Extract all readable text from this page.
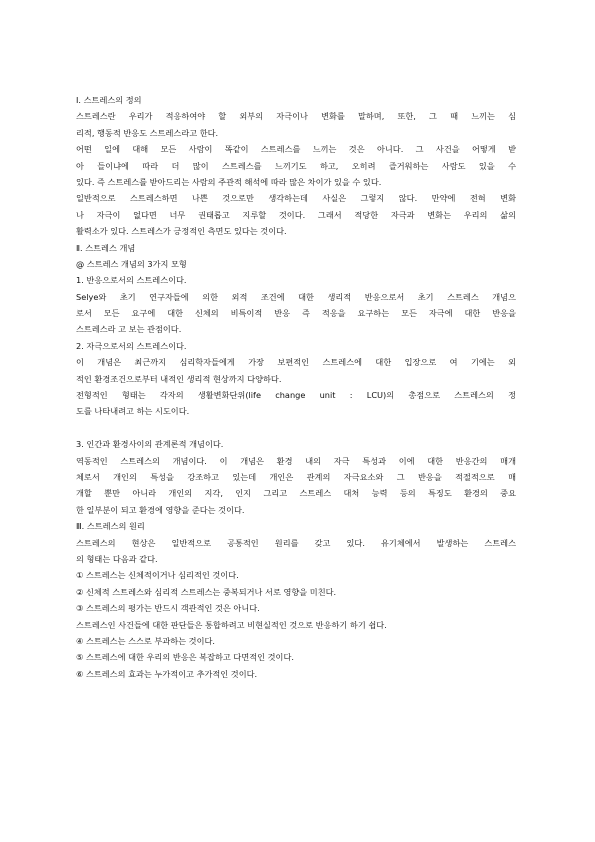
Ⅰ. 스트레스의 정의
스트레스란 우리가 적응하여야 할 외부의 자극이나 변화를 말하며, 또한, 그 때 느끼는 심
리적, 행동적 반응도 스트레스라고 한다.
어떤 일에 대해 모든 사람이 똑같이 스트레스를 느끼는 것은 아니다. 그 사건을 어떻게 받
아 들이냐에 따라 더 많이 스트레스를 느끼기도 하고, 오히려 즐거워하는 사람도 있을 수
있다. 즉 스트레스를 받아드리는 사람의 주관적 해석에 따라 많은 차이가 있을 수 있다.
일반적으로 스트레스하면 나쁜 것으로만 생각하는데 사실은 그렇지 않다. 만약에 전혀 변화
나 자극이 없다면 너무 권태롭고 지루할 것이다. 그래서 적당한 자극과 변화는 우리의 삶의
활력소가 있다. 스트레스가 긍정적인 측면도 있다는 것이다.
Ⅱ. 스트레스 개념
@ 스트레스 개념의 3가지 모형
1. 반응으로서의 스트레스이다.
Selye와 초기 연구자들에 의한 외적 조건에 대한 생리적 반응으로서 초기 스트레스 개념으
로서 모든 요구에 대한 신체의 비특이적 반응 즉 적응을 요구하는 모든 자극에 대한 반응을
스트레스라 고 보는 관점이다.
2. 자극으로서의 스트레스이다.
이 개념은 최근까지 심리학자들에게 가장 보편적인 스트레스에 대한 입장으로 여 기에는 외
적인 환경조건으로부터 내적인 생리적 현상까지 다양하다.
전형적인 형태는 각자의 생활변화단위(life change unit : LCU)의 총점으로 스트레스의 정
도를 나타내려고 하는 시도이다.
3. 인간과 환경사이의 관계론적 개념이다.
역동적인 스트레스의 개념이다. 이 개념은 환경 내의 자극 특성과 이에 대한 반응간의 매개
체로서 개인의 특성을 강조하고 있는데 개인은 관계의 자극요소와 그 반응을 적절적으로 매
개할 뿐만 아니라 개인의 지각, 인지 그리고 스트레스 대처 능력 등의 특징도 환경의 중요
한 일부분이 되고 환경에 영향을 준다는 것이다.
Ⅲ. 스트레스의 원리
스트레스의 현상은 일반적으로 공통적인 원리를 갖고 있다. 유기체에서 발생하는 스트레스
의 형태는 다음과 같다.
① 스트레스는 신체적이거나 심리적인 것이다.
② 신체적 스트레스와 심리적 스트레스는 중복되거나 서로 영향을 미친다.
③ 스트레스의 평가는 반드시 객관적인 것은 아니다.
스트레스인 사건들에 대한 판단들은 통합하려고 비현실적인 것으로 반응하기 하기 쉽다.
④ 스트레스는 스스로 부과하는 것이다.
⑤ 스트레스에 대한 우리의 반응은 복잡하고 다면적인 것이다.
⑥ 스트레스의 효과는 누가적이고 추가적인 것이다.
